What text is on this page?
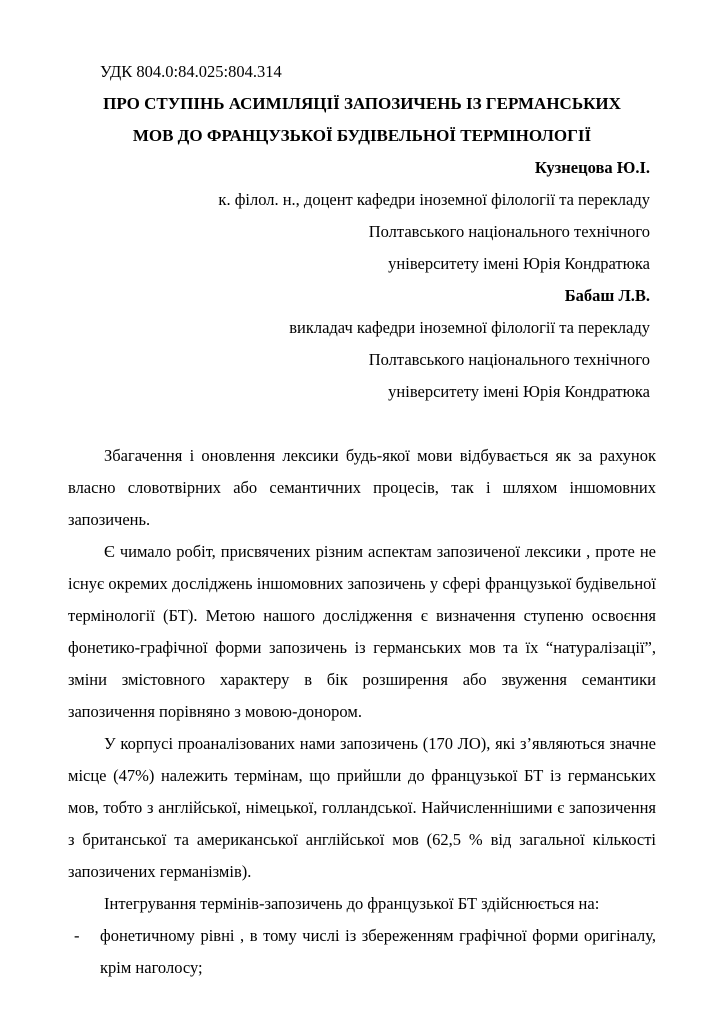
УДК 804.0:84.025:804.314
ПРО СТУПІНЬ АСИМІЛЯЦІЇ ЗАПОЗИЧЕНЬ ІЗ ГЕРМАНСЬКИХ
МОВ ДО ФРАНЦУЗЬКОЇ БУДІВЕЛЬНОЇ ТЕРМІНОЛОГІЇ
Кузнецова Ю.І.
к. філол. н., доцент кафедри іноземної філології та перекладу
Полтавського національного технічного
університету імені Юрія Кондратюка
Бабаш Л.В.
викладач кафедри іноземної філології та перекладу
Полтавського національного технічного
університету імені Юрія Кондратюка

Збагачення і оновлення лексики будь-якої мови відбувається як за рахунок власно словотвірних або семантичних процесів, так і шляхом іншомовних запозичень.

Є чимало робіт, присвячених різним аспектам запозиченої лексики , проте не існує окремих досліджень іншомовних запозичень у сфері французької будівельної термінології (БТ). Метою нашого дослідження є визначення ступеню освоєння фонетико-графічної форми запозичень із германських мов та їх “натуралізації”, зміни змістовного характеру в бік розширення або звуження семантики запозичення порівняно з мовою-донором.

У корпусі проаналізованих нами запозичень (170 ЛО), які з’являються значне місце (47%) належить термінам, що прийшли до французької БТ із германських мов, тобто з англійської, німецької, голландської. Найчисленнішими є запозичення з британської та американської англійської мов (62,5 % від загальної кількості запозичених германізмів).

Інтегрування термінів-запозичень до французької БТ здійснюється на:

- фонетичному рівні , в тому числі із збереженням графічної форми оригіналу, крім наголосу;
